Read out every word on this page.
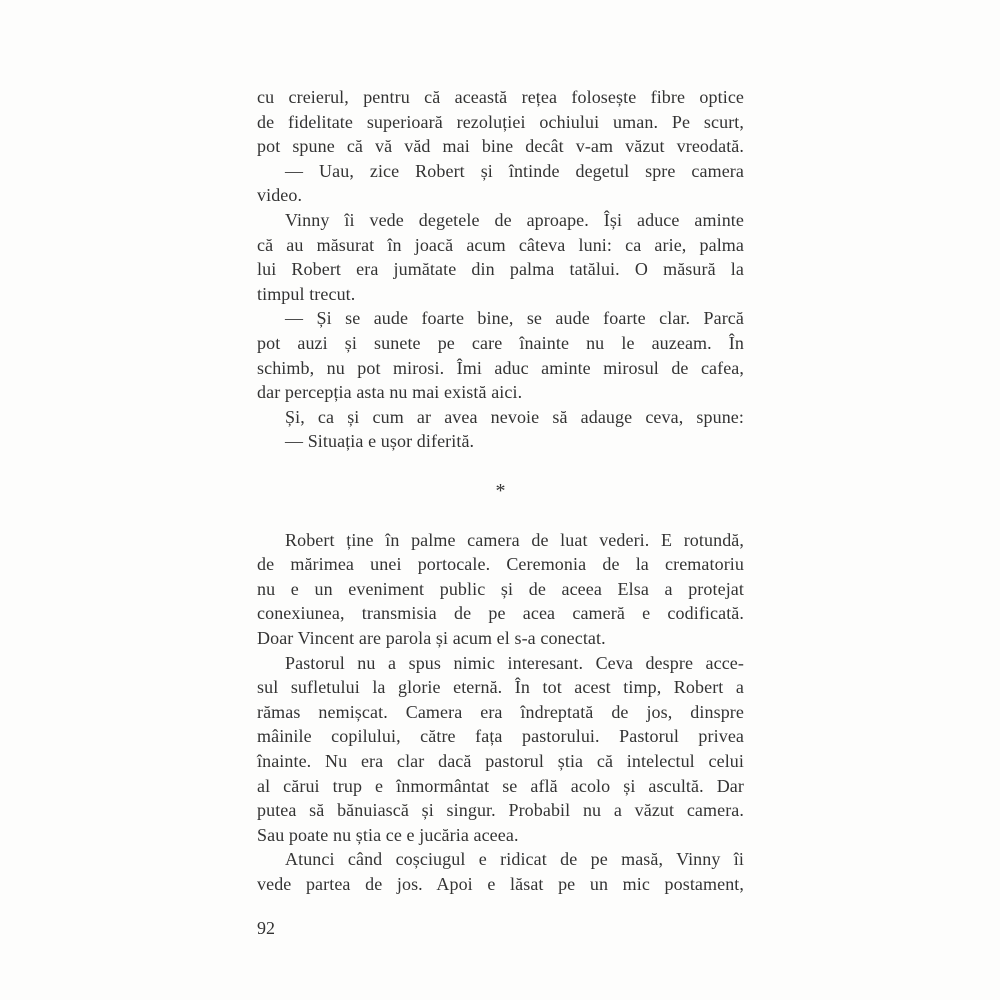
cu creierul, pentru că această rețea folosește fibre optice
de fidelitate superioară rezoluției ochiului uman. Pe scurt,
pot spune că vă văd mai bine decât v-am văzut vreodată.
— Uau, zice Robert și întinde degetul spre camera
video.
Vinny îi vede degetele de aproape. Își aduce aminte
că au măsurat în joacă acum câteva luni: ca arie, palma
lui Robert era jumătate din palma tatălui. O măsură la
timpul trecut.
— Și se aude foarte bine, se aude foarte clar. Parcă
pot auzi și sunete pe care înainte nu le auzeam. În
schimb, nu pot mirosi. Îmi aduc aminte mirosul de cafea,
dar percepția asta nu mai există aici.
Și, ca și cum ar avea nevoie să adauge ceva, spune:
— Situația e ușor diferită.
*
Robert ține în palme camera de luat vederi. E rotundă,
de mărimea unei portocale. Ceremonia de la crematoriu
nu e un eveniment public și de aceea Elsa a protejat
conexiunea, transmisia de pe acea cameră e codificată.
Doar Vincent are parola și acum el s-a conectat.
Pastorul nu a spus nimic interesant. Ceva despre acce-
sul sufletului la glorie eternă. În tot acest timp, Robert a
rămas nemișcat. Camera era îndreptată de jos, dinspre
mâinile copilului, către fața pastorului. Pastorul privea
înainte. Nu era clar dacă pastorul știa că intelectul celui
al cărui trup e înmormântat se află acolo și ascultă. Dar
putea să bănuiască și singur. Probabil nu a văzut camera.
Sau poate nu știa ce e jucăria aceea.
Atunci când coșciugul e ridicat de pe masă, Vinny îi
vede partea de jos. Apoi e lăsat pe un mic postament,
92
